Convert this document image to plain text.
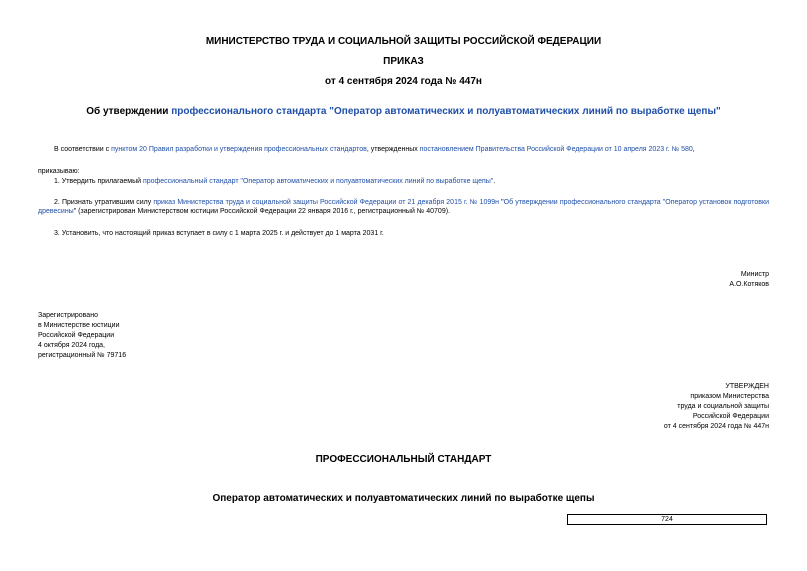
МИНИСТЕРСТВО ТРУДА И СОЦИАЛЬНОЙ ЗАЩИТЫ РОССИЙСКОЙ ФЕДЕРАЦИИ
ПРИКАЗ
от 4 сентября 2024 года № 447н
Об утверждении профессионального стандарта "Оператор автоматических и полуавтоматических линий по выработке щепы"
В соответствии с пунктом 20 Правил разработки и утверждения профессиональных стандартов, утвержденных постановлением Правительства Российской Федерации от 10 апреля 2023 г. № 580,
приказываю:
1. Утвердить прилагаемый профессиональный стандарт "Оператор автоматических и полуавтоматических линий по выработке щепы".
2. Признать утратившим силу приказ Министерства труда и социальной защиты Российской Федерации от 21 декабря 2015 г. № 1099н "Об утверждении профессионального стандарта "Оператор установок подготовки древесины" (зарегистрирован Министерством юстиции Российской Федерации 22 января 2016 г., регистрационный № 40709).
3. Установить, что настоящий приказ вступает в силу с 1 марта 2025 г. и действует до 1 марта 2031 г.
Министр
А.О.Котяков
Зарегистрировано
в Министерстве юстиции
Российской Федерации
4 октября 2024 года,
регистрационный № 79716
УТВЕРЖДЕН
приказом Министерства
труда и социальной защиты
Российской Федерации
от 4 сентября 2024 года № 447н
ПРОФЕССИОНАЛЬНЫЙ СТАНДАРТ
Оператор автоматических и полуавтоматических линий по выработке щепы
724
